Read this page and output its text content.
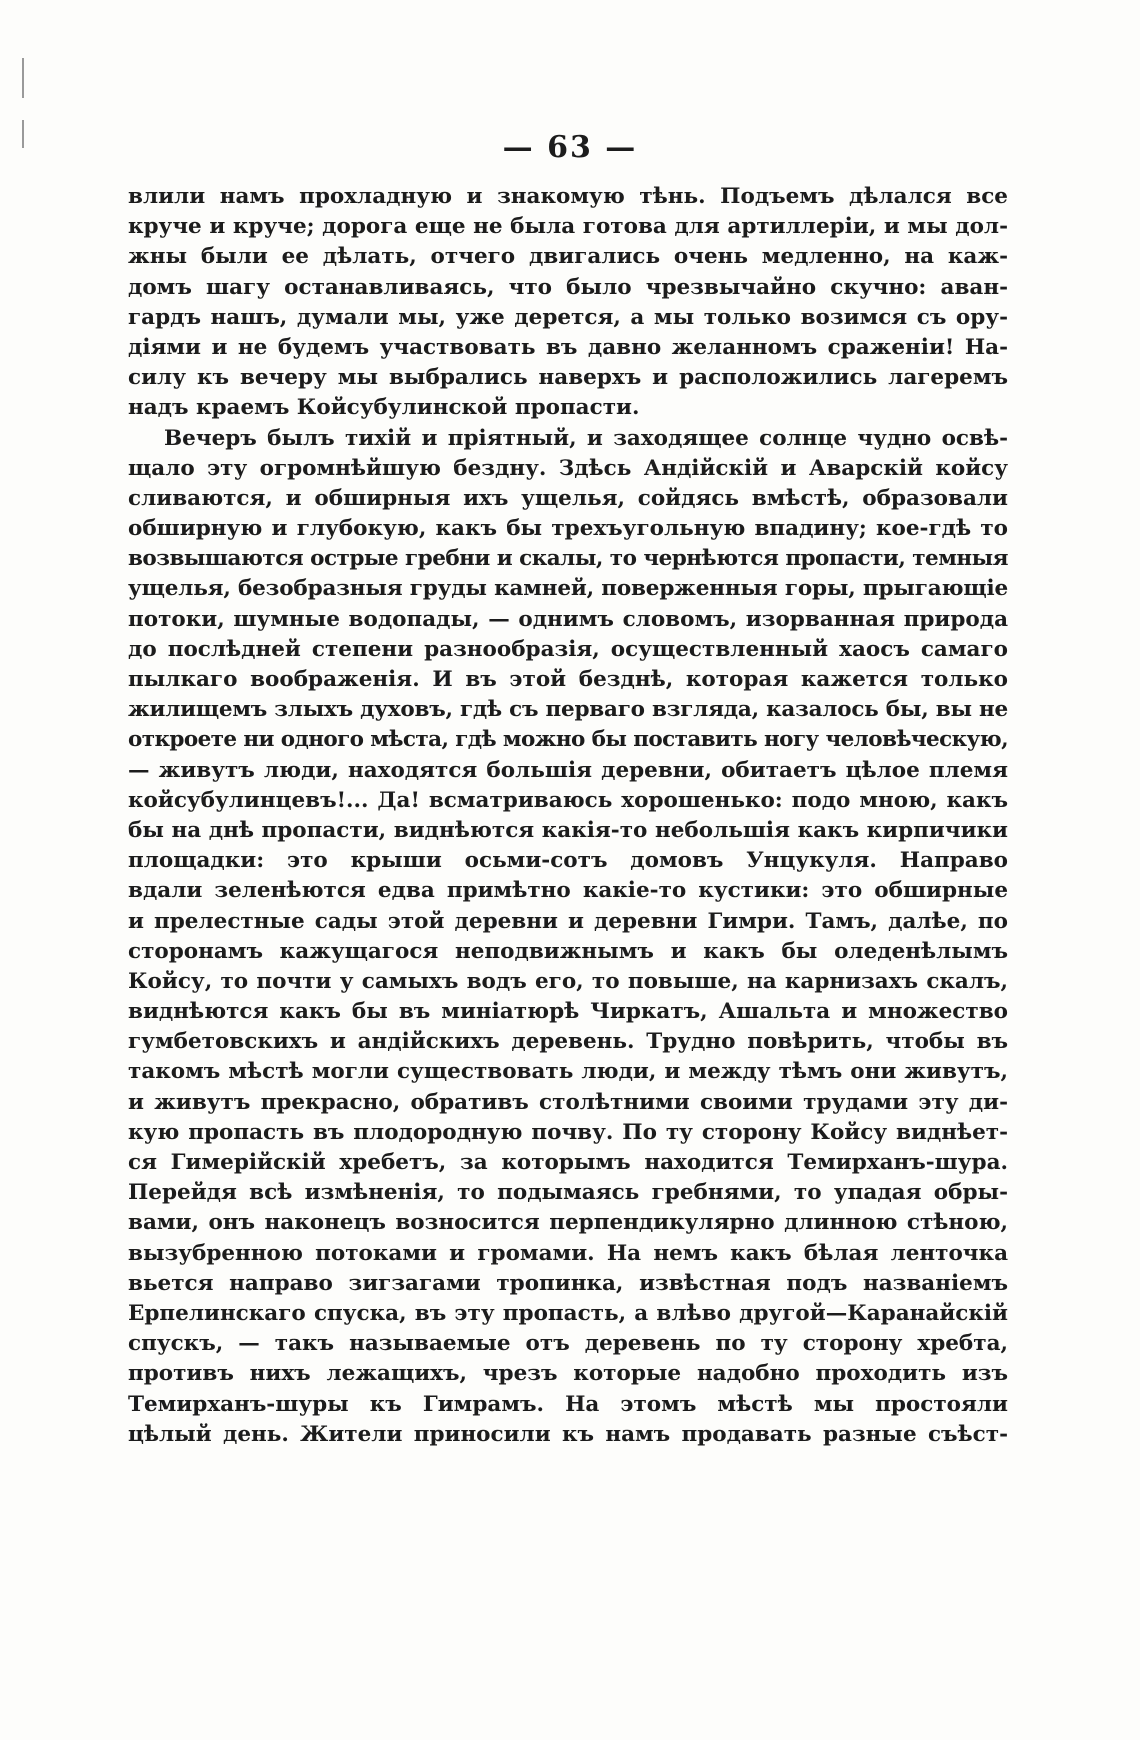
— 63 —
влили намъ прохладную и знакомую тѣнь. Подъемъ дѣлался все
круче и круче; дорога еще не была готова для артиллеріи, и мы дол-
жны были ее дѣлать, отчего двигались очень медленно, на каж-
домъ шагу останавливаясь, что было чрезвычайно скучно: аван-
гардъ нашъ, думали мы, уже дерется, а мы только возимся съ ору-
діями и не будемъ участвовать въ давно желанномъ сраженіи! На-
силу къ вечеру мы выбрались наверхъ и расположились лагеремъ
надъ краемъ Койсубулинской пропасти.
Вечеръ былъ тихій и пріятный, и заходящее солнце чудно освѣ-
щало эту огромнѣйшую бездну. Здѣсь Андійскій и Аварскій койсу
сливаются, и обширныя ихъ ущелья, сойдясь вмѣстѣ, образовали
обширную и глубокую, какъ бы трехъугольную впадину; кое-гдѣ то
возвышаются острые гребни и скалы, то чернѣются пропасти, темныя
ущелья, безобразныя груды камней, поверженныя горы, прыгающіе
потоки, шумные водопады, — однимъ словомъ, изорванная природа
до послѣдней степени разнообразія, осуществленный хаосъ самаго
пылкаго воображенія. И въ этой безднѣ, которая кажется только
жилищемъ злыхъ духовъ, гдѣ съ перваго взгляда, казалось бы, вы не
откроете ни одного мѣста, гдѣ можно бы поставить ногу человѣческую,
— живутъ люди, находятся большія деревни, обитаетъ цѣлое племя
койсубулинцевъ!... Да! всматриваюсь хорошенько: подо мною, какъ
бы на днѣ пропасти, виднѣются какія-то небольшія какъ кирпичики
площадки: это крыши осьми-сотъ домовъ Унцукуля. Направо
вдали зеленѣются едва примѣтно какіе-то кустики: это обширные
и прелестные сады этой деревни и деревни Гимри. Тамъ, далѣе, по
сторонамъ кажущагося неподвижнымъ и какъ бы оледенѣлымъ
Койсу, то почти у самыхъ водъ его, то повыше, на карнизахъ скалъ,
виднѣются какъ бы въ миніатюрѣ Чиркатъ, Ашальта и множество
гумбетовскихъ и андійскихъ деревень. Трудно повѣрить, чтобы въ
такомъ мѣстѣ могли существовать люди, и между тѣмъ они живутъ,
и живутъ прекрасно, обративъ столѣтними своими трудами эту ди-
кую пропасть въ плодородную почву. По ту сторону Койсу виднѣет-
ся Гимерійскій хребетъ, за которымъ находится Темирханъ-шура.
Перейдя всѣ измѣненія, то подымаясь гребнями, то упадая обры-
вами, онъ наконецъ возносится перпендикулярно длинною стѣною,
вызубренною потоками и громами. На немъ какъ бѣлая ленточка
вьется направо зигзагами тропинка, извѣстная подъ названіемъ
Ерпелинскаго спуска, въ эту пропасть, а влѣво другой—Каранайскій
спускъ, — такъ называемые отъ деревень по ту сторону хребта,
противъ нихъ лежащихъ, чрезъ которые надобно проходить изъ
Темирханъ-шуры къ Гимрамъ. На этомъ мѣстѣ мы простояли
цѣлый день. Жители приносили къ намъ продавать разные съѣст-
